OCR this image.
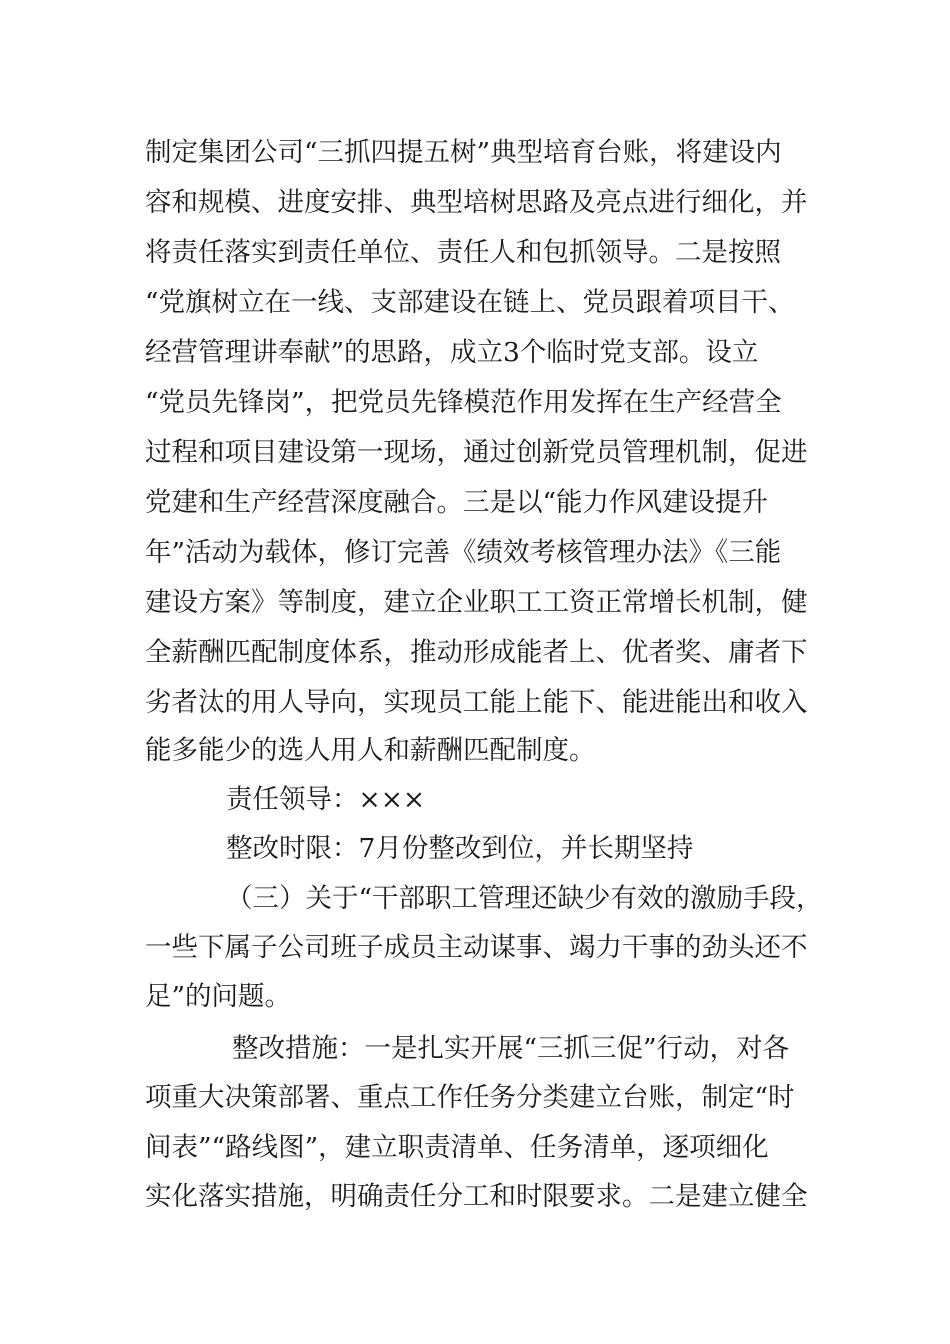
制定集团公司“三抓四提五树”典型培育台账，将建设内
容和规模、进度安排、典型培树思路及亮点进行细化，并
将责任落实到责任单位、责任人和包抓领导。二是按照
“党旗树立在一线、支部建设在链上、党员跟着项目干、
经营管理讲奉献”的思路，成立3个临时党支部。设立
“党员先锋岗”，把党员先锋模范作用发挥在生产经营全
过程和项目建设第一现场，通过创新党员管理机制，促进
党建和生产经营深度融合。三是以“能力作风建设提升
年”活动为载体，修订完善《绩效考核管理办法》《三能
建设方案》等制度，建立企业职工工资正常增长机制，健
全薪酬匹配制度体系，推动形成能者上、优者奖、庸者下
劣者汰的用人导向，实现员工能上能下、能进能出和收入
能多能少的选人用人和薪酬匹配制度。
责任领导：×××
整改时限：7月份整改到位，并长期坚持
（三）关于“干部职工管理还缺少有效的激励手段，
一些下属子公司班子成员主动谋事、竭力干事的劲头还不
足”的问题。
整改措施：一是扎实开展“三抓三促”行动，对各
项重大决策部署、重点工作任务分类建立台账，制定“时
间表”“路线图”，建立职责清单、任务清单，逐项细化
实化落实措施，明确责任分工和时限要求。二是建立健全
